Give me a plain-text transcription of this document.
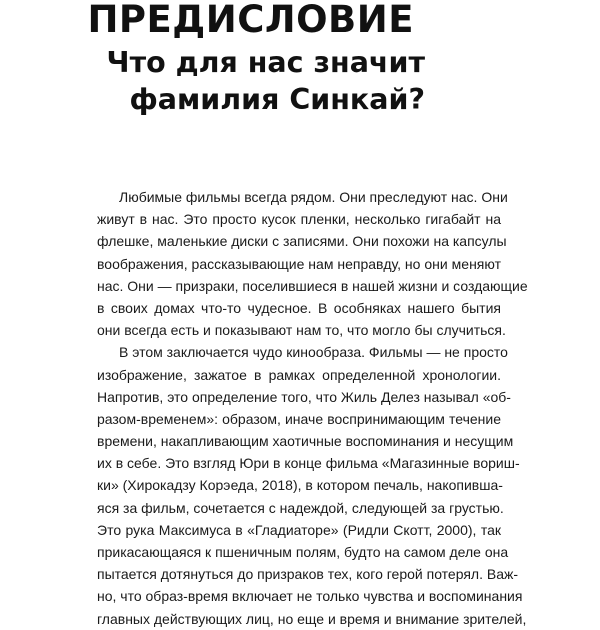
ПРЕДИСЛОВИЕ
Что для нас значит
фамилия Синкай?
Любимые фильмы всегда рядом. Они преследуют нас. Они
живут в нас. Это просто кусок пленки, несколько гигабайт на
флешке, маленькие диски с записями. Они похожи на капсулы
воображения, рассказывающие нам неправду, но они меняют
нас. Они — призраки, поселившиеся в нашей жизни и создающие
в своих домах что-то чудесное. В особняках нашего бытия
они всегда есть и показывают нам то, что могло бы случиться.
В этом заключается чудо кинообраза. Фильмы — не просто
изображение, зажатое в рамках определенной хронологии.
Напротив, это определение того, что Жиль Делез называл «об-
разом-временем»: образом, иначе воспринимающим течение
времени, накапливающим хаотичные воспоминания и несущим
их в себе. Это взгляд Юри в конце фильма «Магазинные вориш-
ки» (Хирокадзу Корэеда, 2018), в котором печаль, накопивша-
яся за фильм, сочетается с надеждой, следующей за грустью.
Это рука Максимуса в «Гладиаторе» (Ридли Скотт, 2000), так
прикасающаяся к пшеничным полям, будто на самом деле она
пытается дотянуться до призраков тех, кого герой потерял. Важ-
но, что образ-время включает не только чувства и воспоминания
главных действующих лиц, но еще и время и внимание зрителей,
